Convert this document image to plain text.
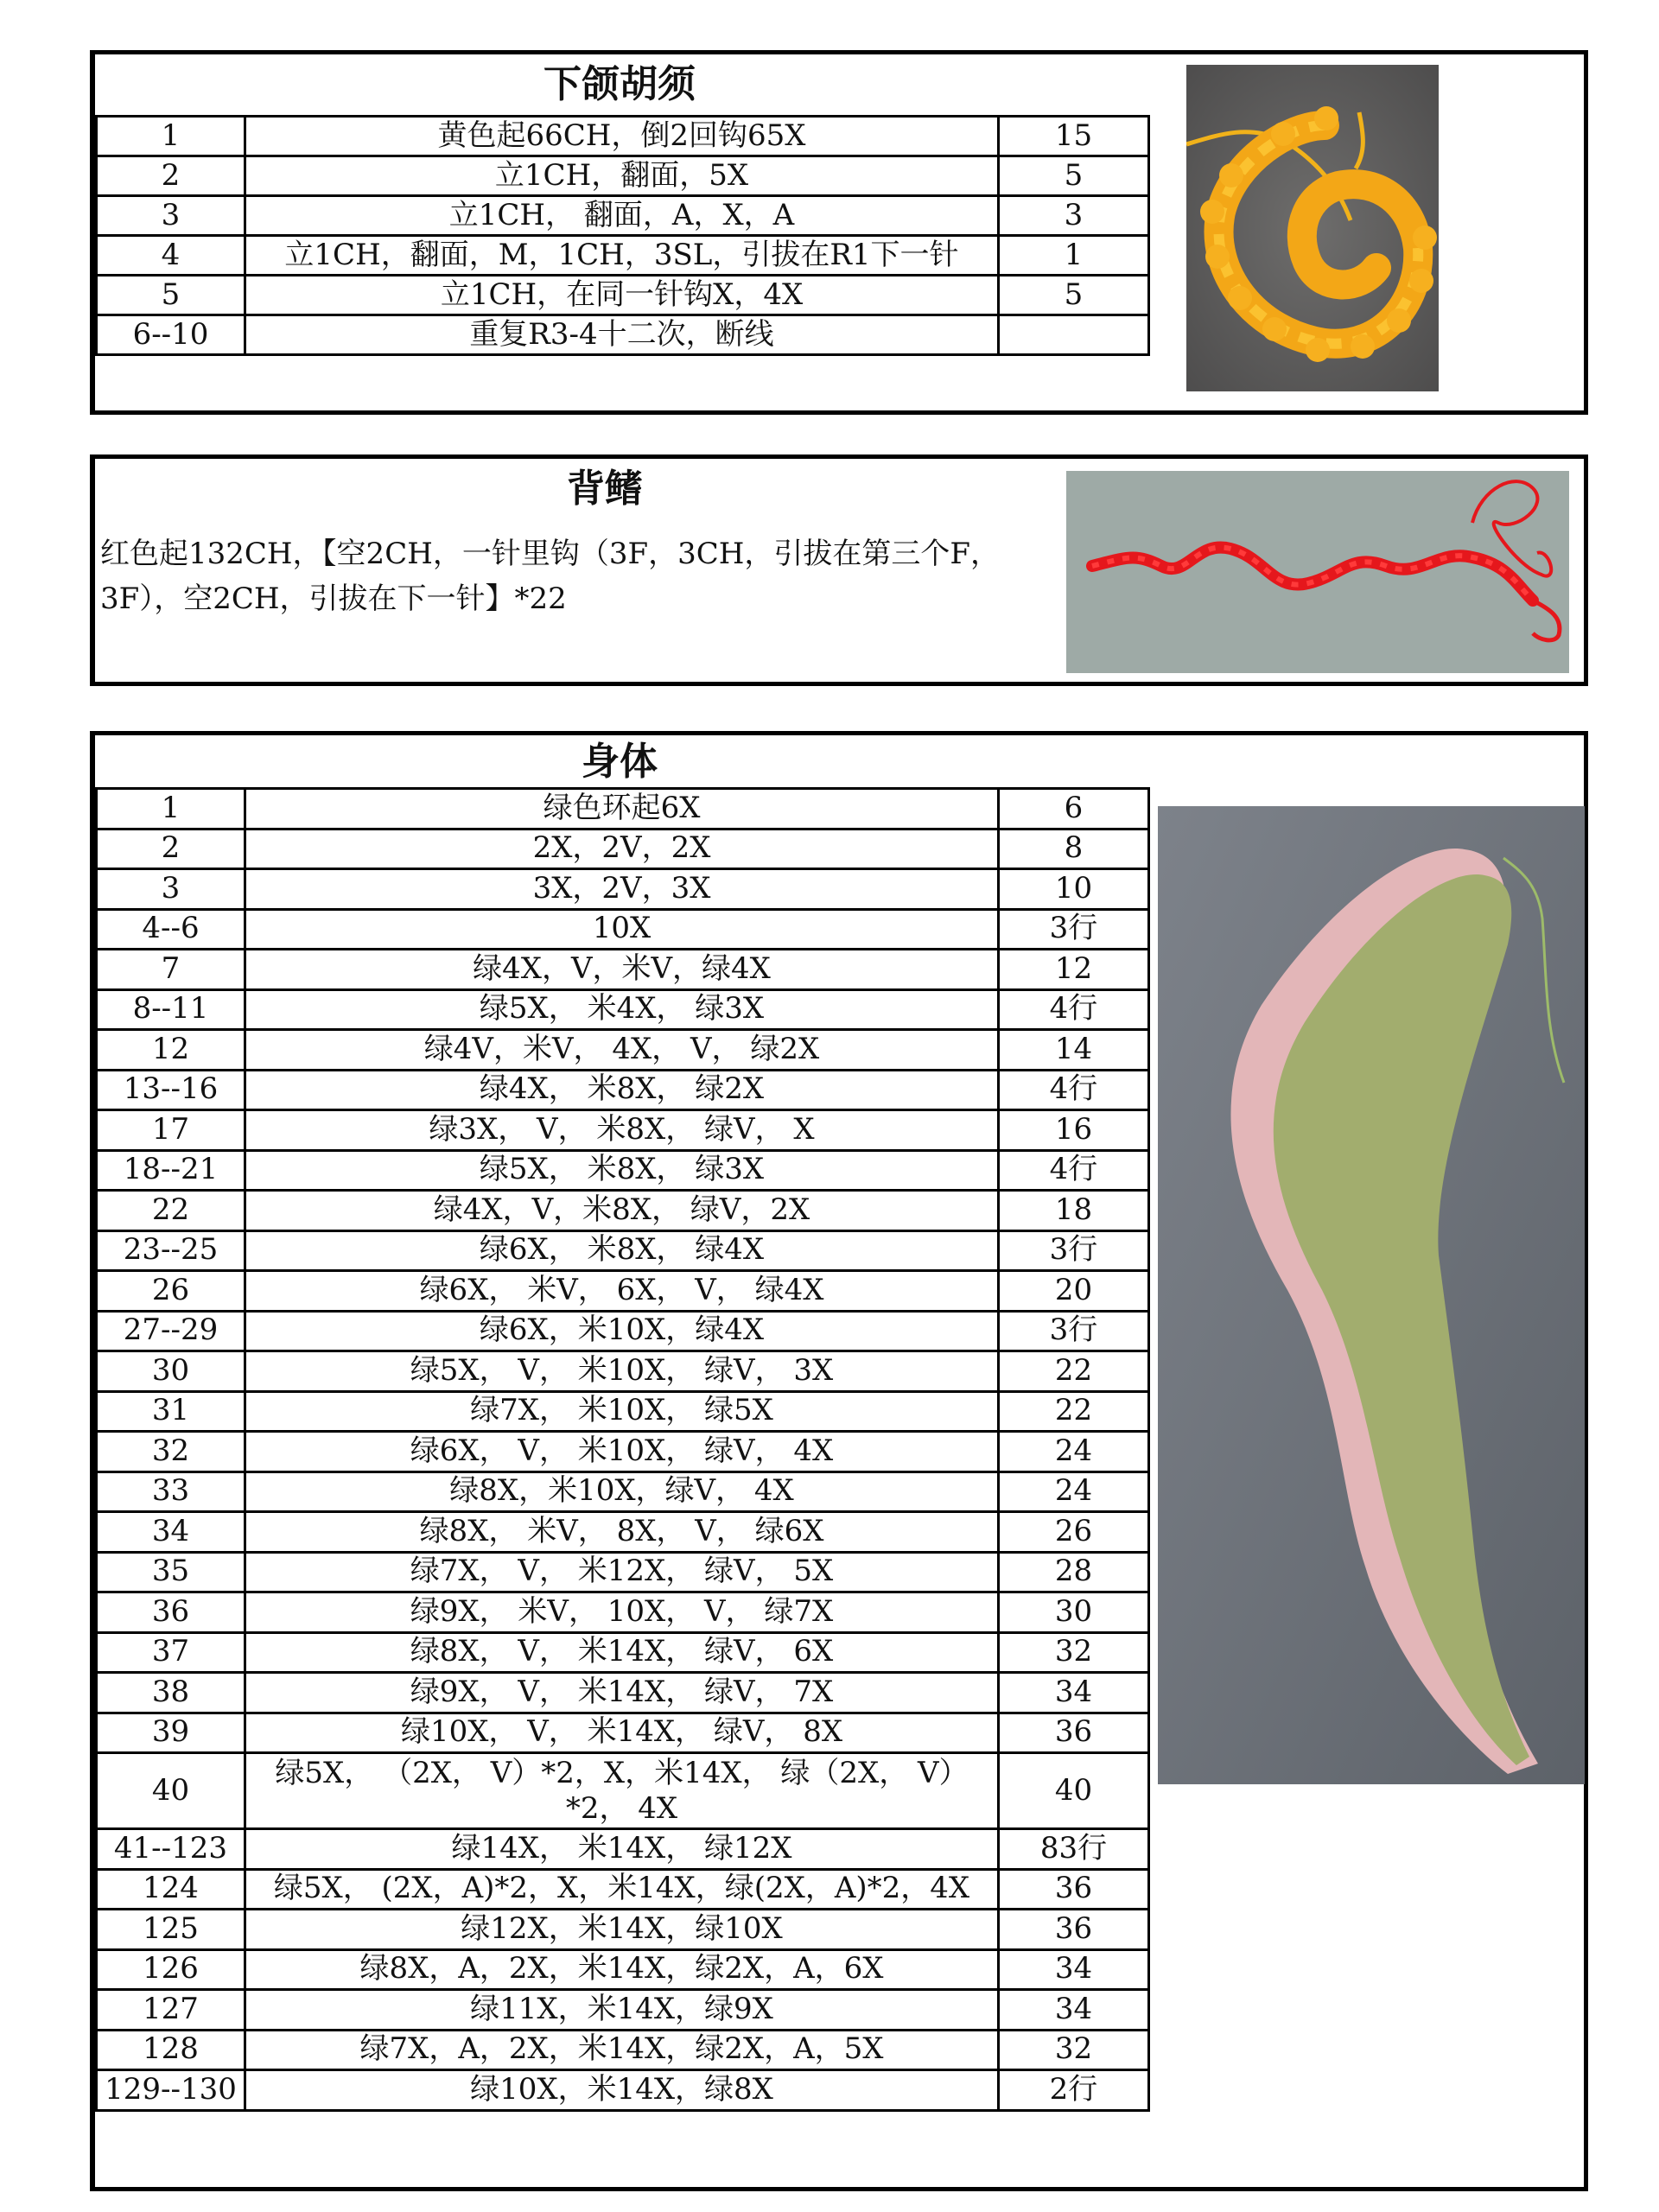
下颌胡须
1	黄色起66CH，倒2回钩65X	15
2	立1CH，翻面，5X	5
3	立1CH， 翻面，A，X，A	3
4	立1CH，翻面，M，1CH，3SL，引拔在R1下一针	1
5	立1CH，在同一针钩X，4X	5
6--10	重复R3-4十二次，断线	

背鳍
红色起132CH，【空2CH，一针里钩（3F，3CH，引拔在第三个F，
3F），空2CH，引拔在下一针】*22
身体
1	绿色环起6X	6
2	2X，2V，2X	8
3	3X，2V，3X	10
4--6	10X	3行
7	绿4X，V，米V，绿4X	12
8--11	绿5X， 米4X， 绿3X	4行
12	绿4V，米V， 4X， V， 绿2X	14
13--16	绿4X， 米8X， 绿2X	4行
17	绿3X， V， 米8X， 绿V， X	16
18--21	绿5X， 米8X， 绿3X	4行
22	绿4X，V，米8X， 绿V，2X	18
23--25	绿6X， 米8X， 绿4X	3行
26	绿6X， 米V， 6X， V， 绿4X	20
27--29	绿6X，米10X，绿4X	3行
30	绿5X， V， 米10X， 绿V， 3X	22
31	绿7X， 米10X， 绿5X	22
32	绿6X， V， 米10X， 绿V， 4X	24
33	绿8X，米10X，绿V， 4X	24
34	绿8X， 米V， 8X， V， 绿6X	26
35	绿7X， V， 米12X， 绿V， 5X	28
36	绿9X， 米V， 10X， V， 绿7X	30
37	绿8X， V， 米14X， 绿V， 6X	32
38	绿9X， V， 米14X， 绿V， 7X	34
39	绿10X， V， 米14X， 绿V， 8X	36
40	绿5X， （2X， V）*2，X，米14X， 绿（2X， V）*2， 4X	40
41--123	绿14X， 米14X， 绿12X	83行
124	绿5X， (2X，A)*2，X，米14X，绿(2X，A)*2，4X	36
125	绿12X，米14X，绿10X	36
126	绿8X，A，2X，米14X，绿2X，A，6X	34
127	绿11X，米14X，绿9X	34
128	绿7X，A，2X，米14X，绿2X，A，5X	32
129--130	绿10X，米14X，绿8X	2行
